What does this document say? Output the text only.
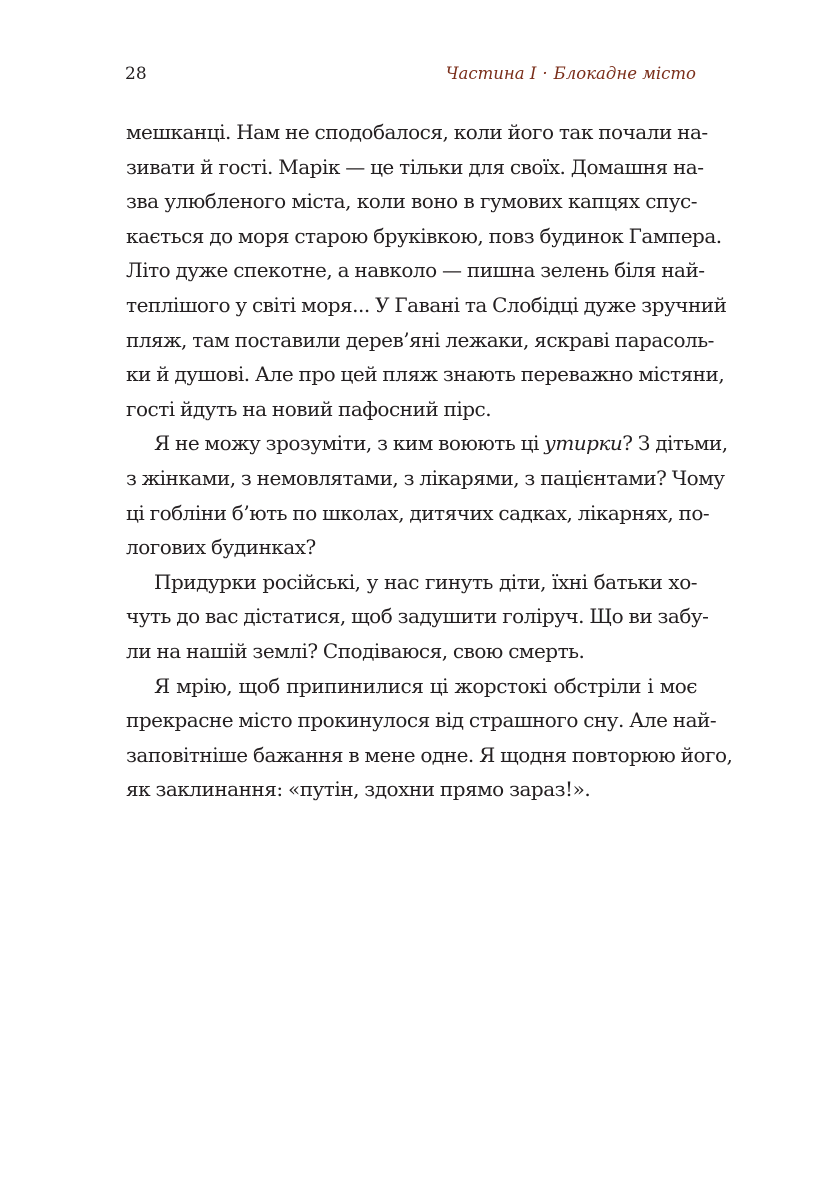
28	Частина I · Блокадне місто
мешканці. Нам не сподобалося, коли його так почали на-
зивати й гості. Марік — це тільки для своїх. Домашня на-
зва улюбленого міста, коли воно в гумових капцях спус-
кається до моря старою бруківкою, повз будинок Гампера.
Літо дуже спекотне, а навколо — пишна зелень біля най-
теплішого у світі моря... У Гавані та Слобідці дуже зручний
пляж, там поставили дерев’яні лежаки, яскраві парасоль-
ки й душові. Але про цей пляж знають переважно містяни,
гості йдуть на новий пафосний пірс.
Я не можу зрозуміти, з ким воюють ці утирки? З дітьми,
з жінками, з немовлятами, з лікарями, з пацієнтами? Чому
ці гобліни б’ють по школах, дитячих садках, лікарнях, по-
логових будинках?
Придурки російські, у нас гинуть діти, їхні батьки хо-
чуть до вас дістатися, щоб задушити голіруч. Що ви забу-
ли на нашій землі? Сподіваюся, свою смерть.
Я мрію, щоб припинилися ці жорстокі обстріли і моє
прекрасне місто прокинулося від страшного сну. Але най-
заповітніше бажання в мене одне. Я щодня повторюю його,
як заклинання: «путін, здохни прямо зараз!».
